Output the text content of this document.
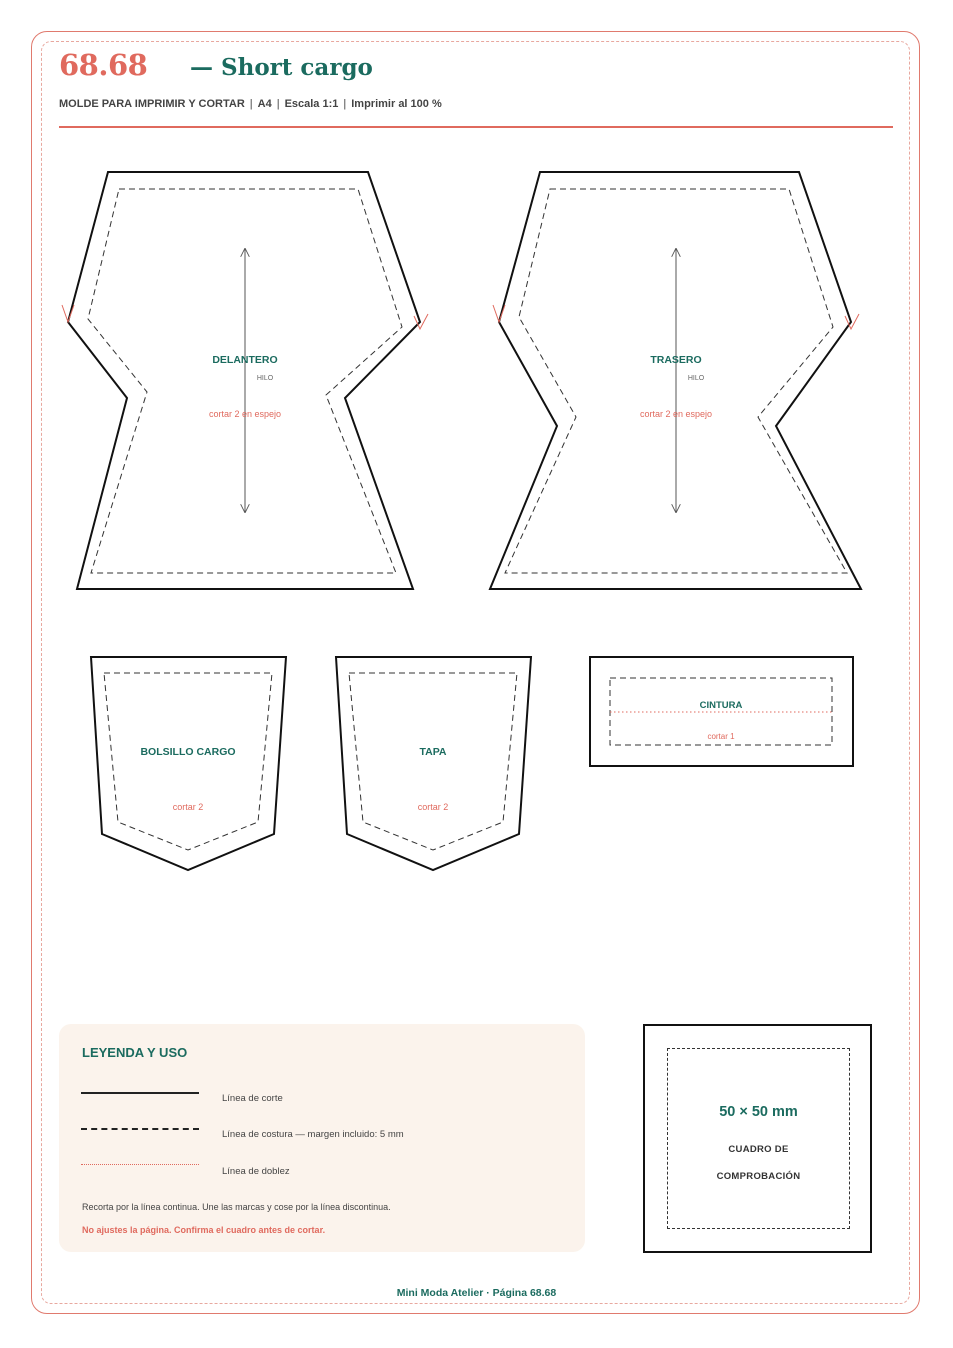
68.68 — Short cargo
MOLDE PARA IMPRIMIR Y CORTAR | A4 | Escala 1:1 | Imprimir al 100 %
DELANTERO
HILO
cortar 2 en espejo
TRASERO
HILO
cortar 2 en espejo
BOLSILLO CARGO
cortar 2
TAPA
cortar 2
CINTURA
cortar 1
LEYENDA Y USO
Línea de corte
Línea de costura — margen incluido: 5 mm
Línea de doblez
Recorta por la línea continua. Une las marcas y cose por la línea discontinua.
No ajustes la página. Confirma el cuadro antes de cortar.
50 × 50 mm
CUADRO DE
COMPROBACIÓN
Mini Moda Atelier · Página 68.68
